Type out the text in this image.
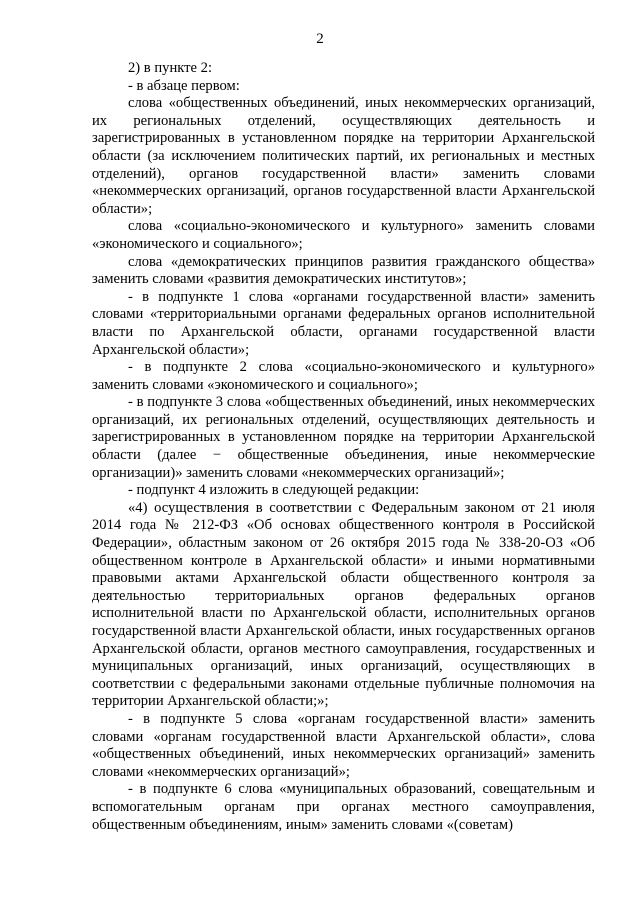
2

2) в пункте 2:

- в абзаце первом:

слова «общественных объединений, иных некоммерческих организаций, их региональных отделений, осуществляющих деятельность и зарегистрированных в установленном порядке на территории Архангельской области (за исключением политических партий, их региональных и местных отделений), органов государственной власти» заменить словами «некоммерческих организаций, органов государственной власти Архангельской области»;

слова «социально-экономического и культурного» заменить словами «экономического и социального»;

слова «демократических принципов развития гражданского общества» заменить словами «развития демократических институтов»;

- в подпункте 1 слова «органами государственной власти» заменить словами «территориальными органами федеральных органов исполнительной власти по Архангельской области, органами государственной власти Архангельской области»;

- в подпункте 2 слова «социально-экономического и культурного» заменить словами «экономического и социального»;

- в подпункте 3 слова «общественных объединений, иных некоммерческих организаций, их региональных отделений, осуществляющих деятельность и зарегистрированных в установленном порядке на территории Архангельской области (далее − общественные объединения, иные некоммерческие организации)» заменить словами «некоммерческих организаций»;

- подпункт 4 изложить в следующей редакции:

«4) осуществления в соответствии с Федеральным законом от 21 июля 2014 года № 212-ФЗ «Об основах общественного контроля в Российской Федерации», областным законом от 26 октября 2015 года № 338-20-ОЗ «Об общественном контроле в Архангельской области» и иными нормативными правовыми актами Архангельской области общественного контроля за деятельностью территориальных органов федеральных органов исполнительной власти по Архангельской области, исполнительных органов государственной власти Архангельской области, иных государственных органов Архангельской области, органов местного самоуправления, государственных и муниципальных организаций, иных организаций, осуществляющих в соответствии с федеральными законами отдельные публичные полномочия на территории Архангельской области;»;

- в подпункте 5 слова «органам государственной власти» заменить словами «органам государственной власти Архангельской области», слова «общественных объединений, иных некоммерческих организаций» заменить словами «некоммерческих организаций»;

- в подпункте 6 слова «муниципальных образований, совещательным и вспомогательным органам при органах местного самоуправления, общественным объединениям, иным» заменить словами «(советам)
